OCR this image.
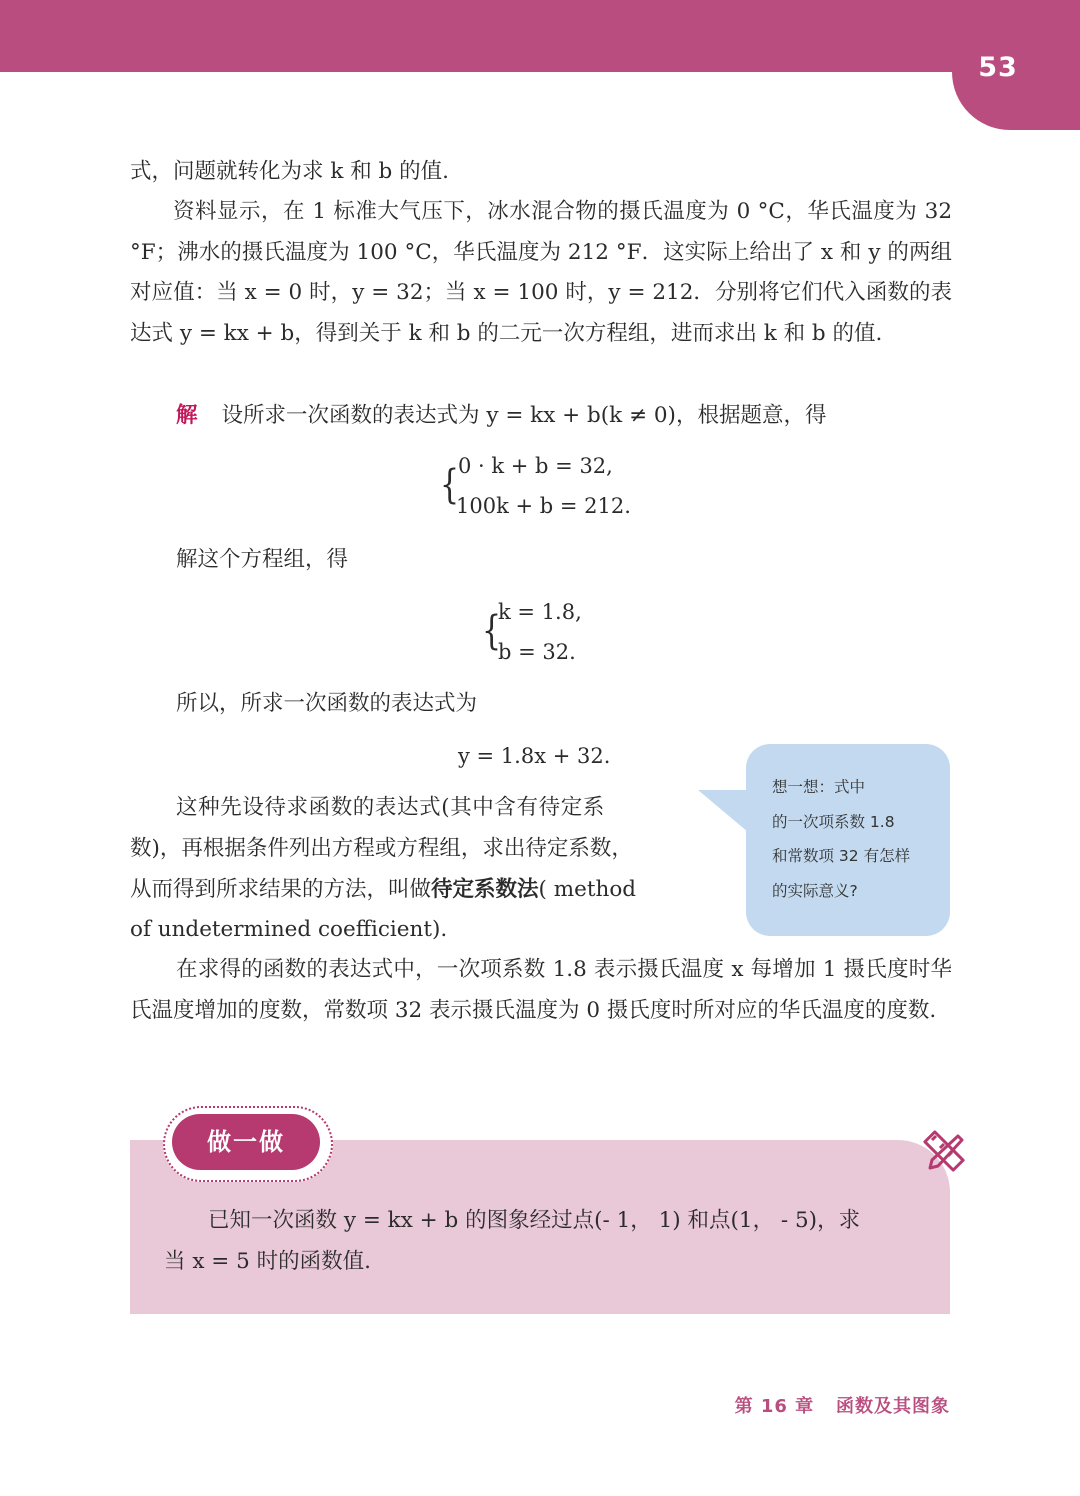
53

式，问题就转化为求 k 和 b 的值.

资料显示，在 1 标准大气压下，冰水混合物的摄氏温度为 0 °C，华氏温度为 32 °F；沸水的摄氏温度为 100 °C，华氏温度为 212 °F．这实际上给出了 x 和 y 的两组对应值：当 x = 0 时，y = 32；当 x = 100 时，y = 212．分别将它们代入函数的表达式 y = kx + b，得到关于 k 和 b 的二元一次方程组，进而求出 k 和 b 的值.

解 设所求一次函数的表达式为 y = kx + b(k ≠ 0)，根据题意，得

{
0 · k + b = 32,
100k + b = 212.

解这个方程组，得

{
k = 1.8,
b = 32.

所以，所求一次函数的表达式为

y = 1.8x + 32.
想一想：式中
的一次项系数 1.8
和常数项 32 有怎样
的实际意义?

这种先设待求函数的表达式(其中含有待定系

数)，再根据条件列出方程或方程组，求出待定系数，

从而得到所求结果的方法，叫做待定系数法( method

of undetermined coefficient).

在求得的函数的表达式中，一次项系数 1.8 表示摄氏温度 x 每增加 1 摄氏度时华氏温度增加的度数，常数项 32 表示摄氏温度为 0 摄氏度时所对应的华氏温度的度数.

做一做

已知一次函数 y = kx + b 的图象经过点(- 1， 1) 和点(1， - 5)，求
当 x = 5 时的函数值.

第 16 章 函数及其图象
